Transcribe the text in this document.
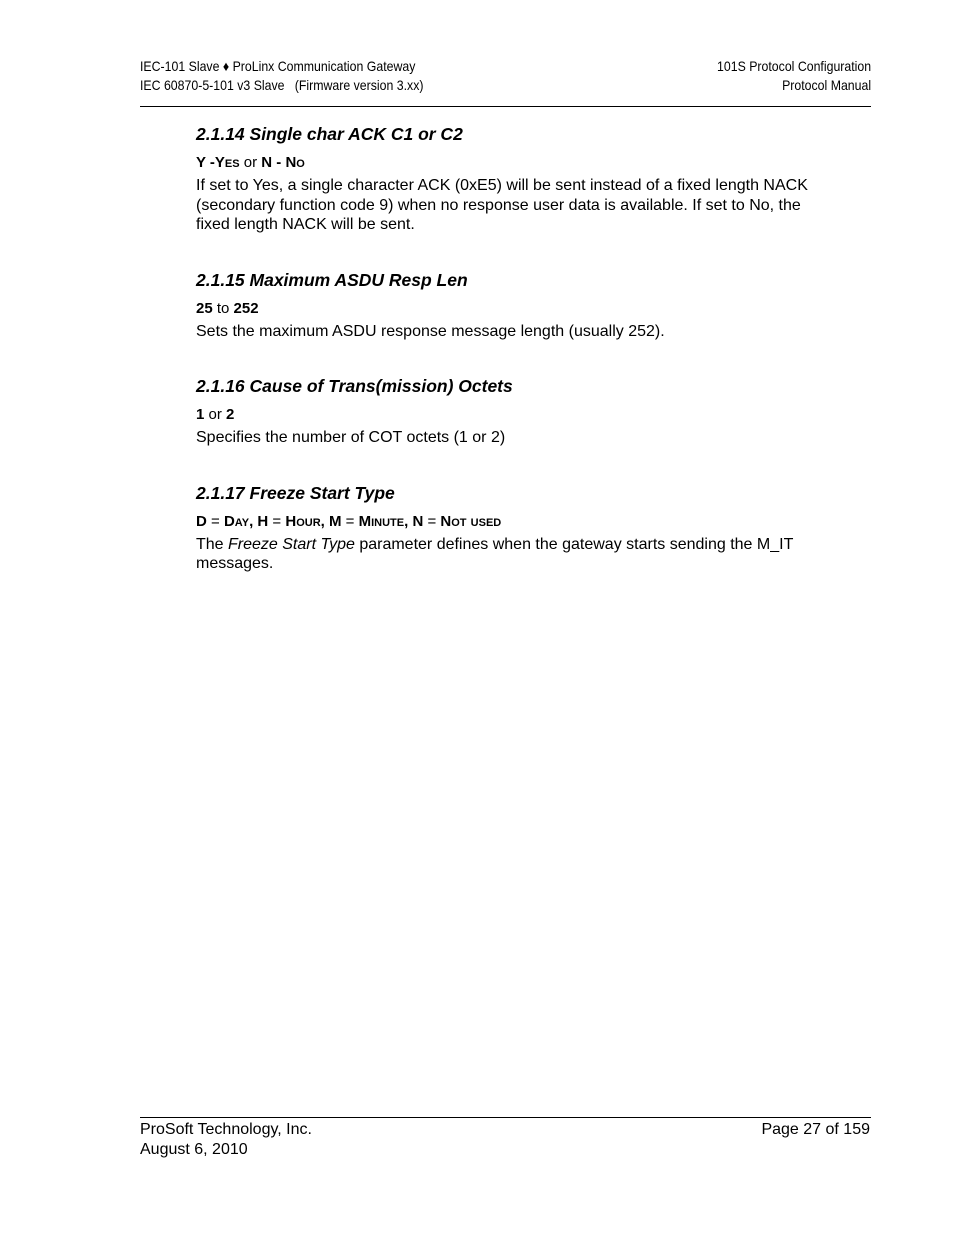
IEC-101 Slave ♦ ProLinx Communication Gateway
IEC 60870-5-101 v3 Slave   (Firmware version 3.xx)
101S Protocol Configuration
Protocol Manual
2.1.14 Single char ACK C1 or C2
Y -Yes or N - No

If set to Yes, a single character ACK (0xE5) will be sent instead of a fixed length NACK (secondary function code 9) when no response user data is available. If set to No, the fixed length NACK will be sent.

2.1.15 Maximum ASDU Resp Len
25 to 252

Sets the maximum ASDU response message length (usually 252).

2.1.16 Cause of Trans(mission) Octets
1 or 2

Specifies the number of COT octets (1 or 2)

2.1.17 Freeze Start Type
D = Day, H = Hour, M = Minute, N = Not used

The Freeze Start Type parameter defines when the gateway starts sending the M_IT messages.

ProSoft Technology, Inc.
August 6, 2010
Page 27 of 159
